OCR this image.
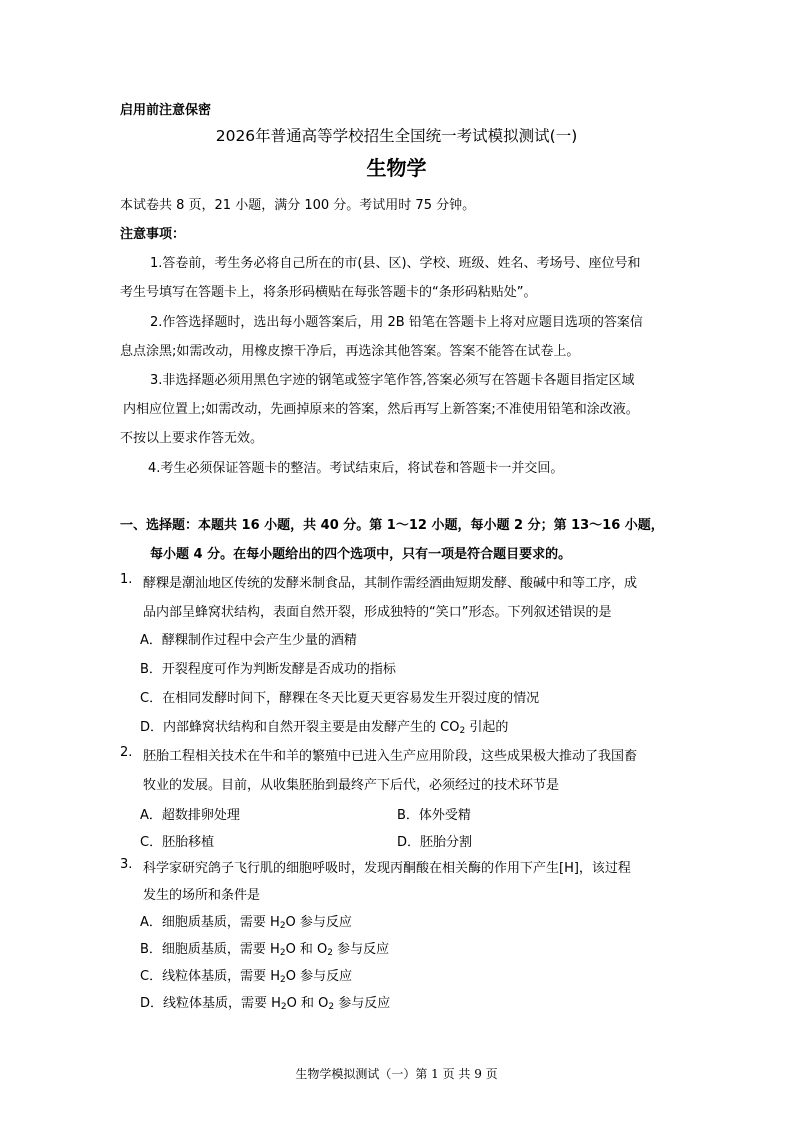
启用前注意保密
2026年普通高等学校招生全国统一考试模拟测试(一)
生物学
本试卷共 8 页，21 小题，满分 100 分。考试用时 75 分钟。
注意事项：
1.答卷前，考生务必将自己所在的市(县、区)、学校、班级、姓名、考场号、座位号和
考生号填写在答题卡上，将条形码横贴在每张答题卡的“条形码粘贴处”。
2.作答选择题时，选出每小题答案后，用 2B 铅笔在答题卡上将对应题目选项的答案信
息点涂黑;如需改动，用橡皮擦干净后，再选涂其他答案。答案不能答在试卷上。
3.非选择题必须用黑色字迹的钢笔或签字笔作答,答案必须写在答题卡各题目指定区域
内相应位置上;如需改动，先画掉原来的答案，然后再写上新答案;不准使用铅笔和涂改液。
不按以上要求作答无效。
4.考生必须保证答题卡的整洁。考试结束后，将试卷和答题卡一并交回。
一、选择题：本题共 16 小题，共 40 分。第 1～12 小题，每小题 2 分；第 13～16 小题，
每小题 4 分。在每小题给出的四个选项中，只有一项是符合题目要求的。
1. 酵粿是潮汕地区传统的发酵米制食品，其制作需经酒曲短期发酵、酸碱中和等工序，成
品内部呈蜂窝状结构，表面自然开裂，形成独特的“笑口”形态。下列叙述错误的是
A．酵粿制作过程中会产生少量的酒精
B．开裂程度可作为判断发酵是否成功的指标
C．在相同发酵时间下，酵粿在冬天比夏天更容易发生开裂过度的情况
D．内部蜂窝状结构和自然开裂主要是由发酵产生的 $CO_2$ 引起的
2. 胚胎工程相关技术在牛和羊的繁殖中已进入生产应用阶段，这些成果极大推动了我国畜
牧业的发展。目前，从收集胚胎到最终产下后代，必须经过的技术环节是
A．超数排卵处理	B．体外受精
C．胚胎移植	D．胚胎分割
3. 科学家研究鸽子飞行肌的细胞呼吸时，发现丙酮酸在相关酶的作用下产生[H]，该过程
发生的场所和条件是
A．细胞质基质，需要 $H_2O$ 参与反应
B．细胞质基质，需要 $H_2O$ 和 $O_2$ 参与反应
C．线粒体基质，需要 $H_2O$ 参与反应
D．线粒体基质，需要 $H_2O$ 和 $O_2$ 参与反应
生物学模拟测试（一）第 1 页 共 9 页
